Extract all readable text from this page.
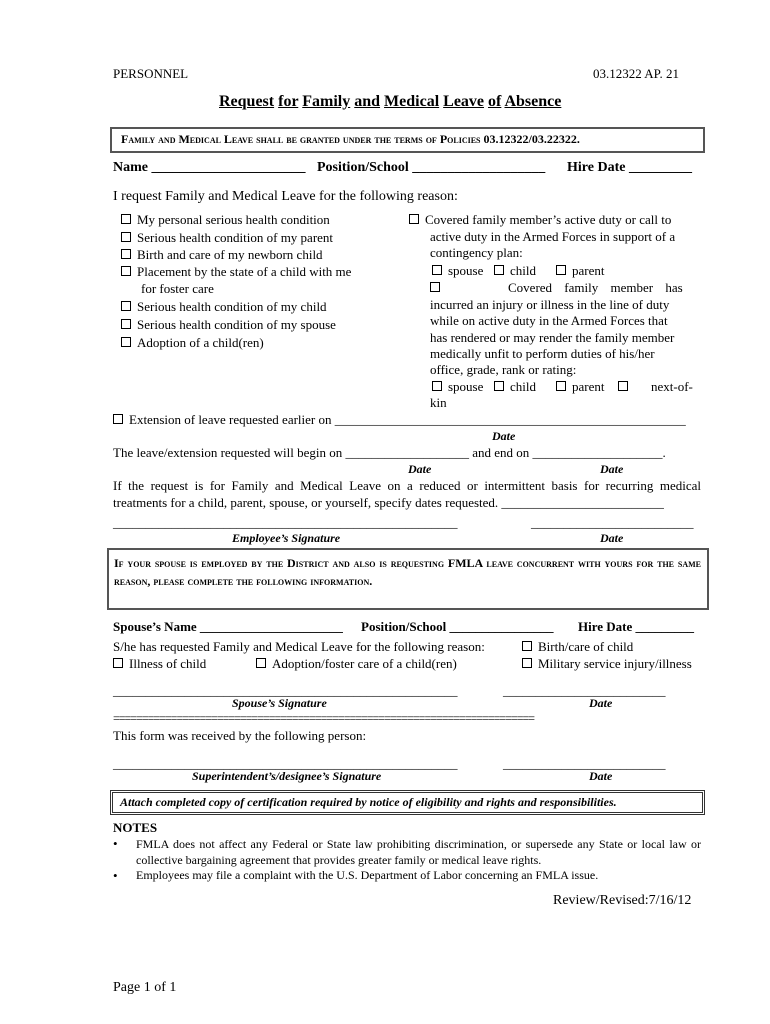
PERSONNEL	03.12322 AP. 21
Request for Family and Medical Leave of Absence
Family and Medical Leave shall be granted under the terms of Policies 03.12322/03.22322.
Name ______________________ Position/School ___________________ Hire Date _________
I request Family and Medical Leave for the following reason:
My personal serious health condition
Serious health condition of my parent
Birth and care of my newborn child
Placement by the state of a child with me
for foster care
Serious health condition of my child
Serious health condition of my spouse
Adoption of a child(ren)
Covered family member’s active duty or call to
active duty in the Armed Forces in support of a
contingency plan:
spouse	child	parent
Covered family member has
incurred an injury or illness in the line of duty
while on active duty in the Armed Forces that
has rendered or may render the family member
medically unfit to perform duties of his/her
office, grade, rank or rating:
spouse	child	parent	next-of-
kin
Extension of leave requested earlier on ______________________________________________________
Date
The leave/extension requested will begin on ___________________ and end on ____________________.
Date	Date
If the request is for Family and Medical Leave on a reduced or intermittent basis for recurring medical treatments for a child, parent, spouse, or yourself, specify dates requested. _________________________
_____________________________________________________	_________________________
Employee’s Signature	Date
If your spouse is employed by the District and also is requesting FMLA leave concurrent with yours for the same reason, please complete the following information.
Spouse’s Name ______________________ Position/School ________________ Hire Date _________
S/he has requested Family and Medical Leave for the following reason:	Birth/care of child
Illness of child	Adoption/foster care of a child(ren)	Military service injury/illness
_____________________________________________________	_________________________
Spouse’s Signature	Date
=========================================================================
This form was received by the following person:
_____________________________________________________	_________________________
Superintendent’s/designee’s Signature	Date
Attach completed copy of certification required by notice of eligibility and rights and responsibilities.
NOTES
• FMLA does not affect any Federal or State law prohibiting discrimination, or supersede any State or local law or collective bargaining agreement that provides greater family or medical leave rights.
• Employees may file a complaint with the U.S. Department of Labor concerning an FMLA issue.
Review/Revised:7/16/12
Page 1 of 1
